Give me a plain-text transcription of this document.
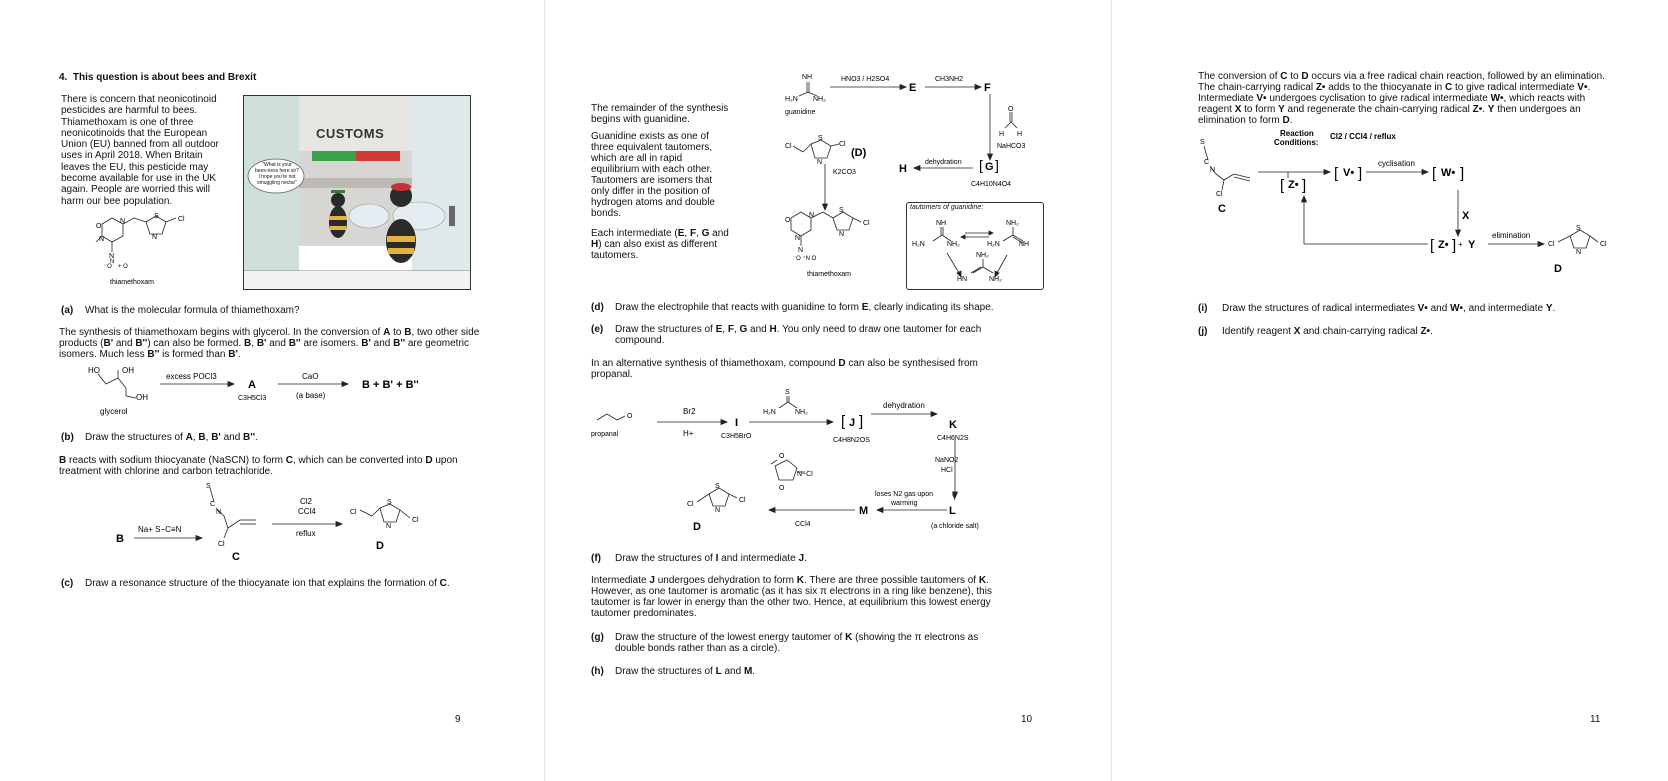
4. This question is about bees and Brexit
There is concern that neonicotinoid
pesticides are harmful to bees.
Thiamethoxam is one of three
neonicotinoids that the European
Union (EU) banned from all outdoor
uses in April 2018. When Britain
leaves the EU, this pesticide may
become available for use in the UK
again. People are worried this will
harm our bee population.
O
N
N
S	Cl
N
N
⁻O + O
N
thiamethoxam
CUSTOMS
"What is your
bees-ness here sir?
I hope you're not
smuggling nectar"
(a) What is the molecular formula of thiamethoxam?
The synthesis of thiamethoxam begins with glycerol. In the conversion of A to B, two other side
products (B' and B'') can also be formed. B, B' and B'' are isomers. B' and B'' are geometric
isomers. Much less B'' is formed than B'.
HO	OH
OH
glycerol
excess POCl3
A
C3H5Cl3
CaO
(a base)
B + B' + B''
(b) Draw the structures of A, B, B' and B''.
B reacts with sodium thiocyanate (NaSCN) to form C, which can be converted into D upon
treatment with chlorine and carbon tetrachloride.
B
Na+ S−C≡N
S
C
N
Cl
C
Cl2
CCl4
reflux
Cl
S
Cl
N
D
(c) Draw a resonance structure of the thiocyanate ion that explains the formation of C.
9
NH
H₂N NH₂
guanidine
HNO3 / H2SO4	CH3NH2
E	F
O
H H
NaHCO3
dehydration
H	[ G ]
C4H10N4O4
The remainder of the synthesis
begins with guanidine.
Guanidine exists as one of
three equivalent tautomers,
which are all in rapid
equilibrium with each other.
Tautomers are isomers that
only differ in the position of
hydrogen atoms and double
bonds.
Each intermediate (E, F, G and
H) can also exist as different
tautomers.
Cl
S
Cl
N
(D)
K2CO3
O
N
S
Cl
N
N
N
⁻O ⁺N O
thiamethoxam
tautomers of guanidine:
NH
H₂N	NH₂
NH₂
H₂N	NH
NH₂
HN	NH₂
(d) Draw the electrophile that reacts with guanidine to form E, clearly indicating its shape.
(e) Draw the structures of E, F, G and H. You only need to draw one tautomer for each
compound.
In an alternative synthesis of thiamethoxam, compound D can also be synthesised from
propanal.
O
propanal
Br2
H+
I
C3H5BrO
S
H₂N	NH₂
[ J ]
C4H8N2OS
dehydration
K
C4H6N2S
NaNO2
HCl
L
(a chloride salt)
loses N2 gas upon
warming
M
O
O
N−Cl
CCl4
Cl
S
Cl
N
D
(f) Draw the structures of I and intermediate J.
Intermediate J undergoes dehydration to form K. There are three possible tautomers of K.
However, as one tautomer is aromatic (as it has six π electrons in a ring like benzene), this
tautomer is far lower in energy than the other two. Hence, at equilibrium this lowest energy
tautomer predominates.
(g) Draw the structure of the lowest energy tautomer of K (showing the π electrons as
double bonds rather than as a circle).
(h) Draw the structures of L and M.
10
The conversion of C to D occurs via a free radical chain reaction, followed by an elimination.
The chain-carrying radical Z• adds to the thiocyanate in C to give radical intermediate V•.
Intermediate V• undergoes cyclisation to give radical intermediate W•, which reacts with
reagent X to form Y and regenerate the chain-carrying radical Z•. Y then undergoes an
elimination to form D.
S
C
N
Cl
C
Reaction
Conditions:
Cl2 / CCl4 / reflux
[ Z• ]
[ V• ]
cyclisation
[ W• ]
X
[ Z• ] + Y
elimination
Cl
S
Cl
N
D
(i) Draw the structures of radical intermediates V• and W•, and intermediate Y.
(j) Identify reagent X and chain-carrying radical Z•.
11
